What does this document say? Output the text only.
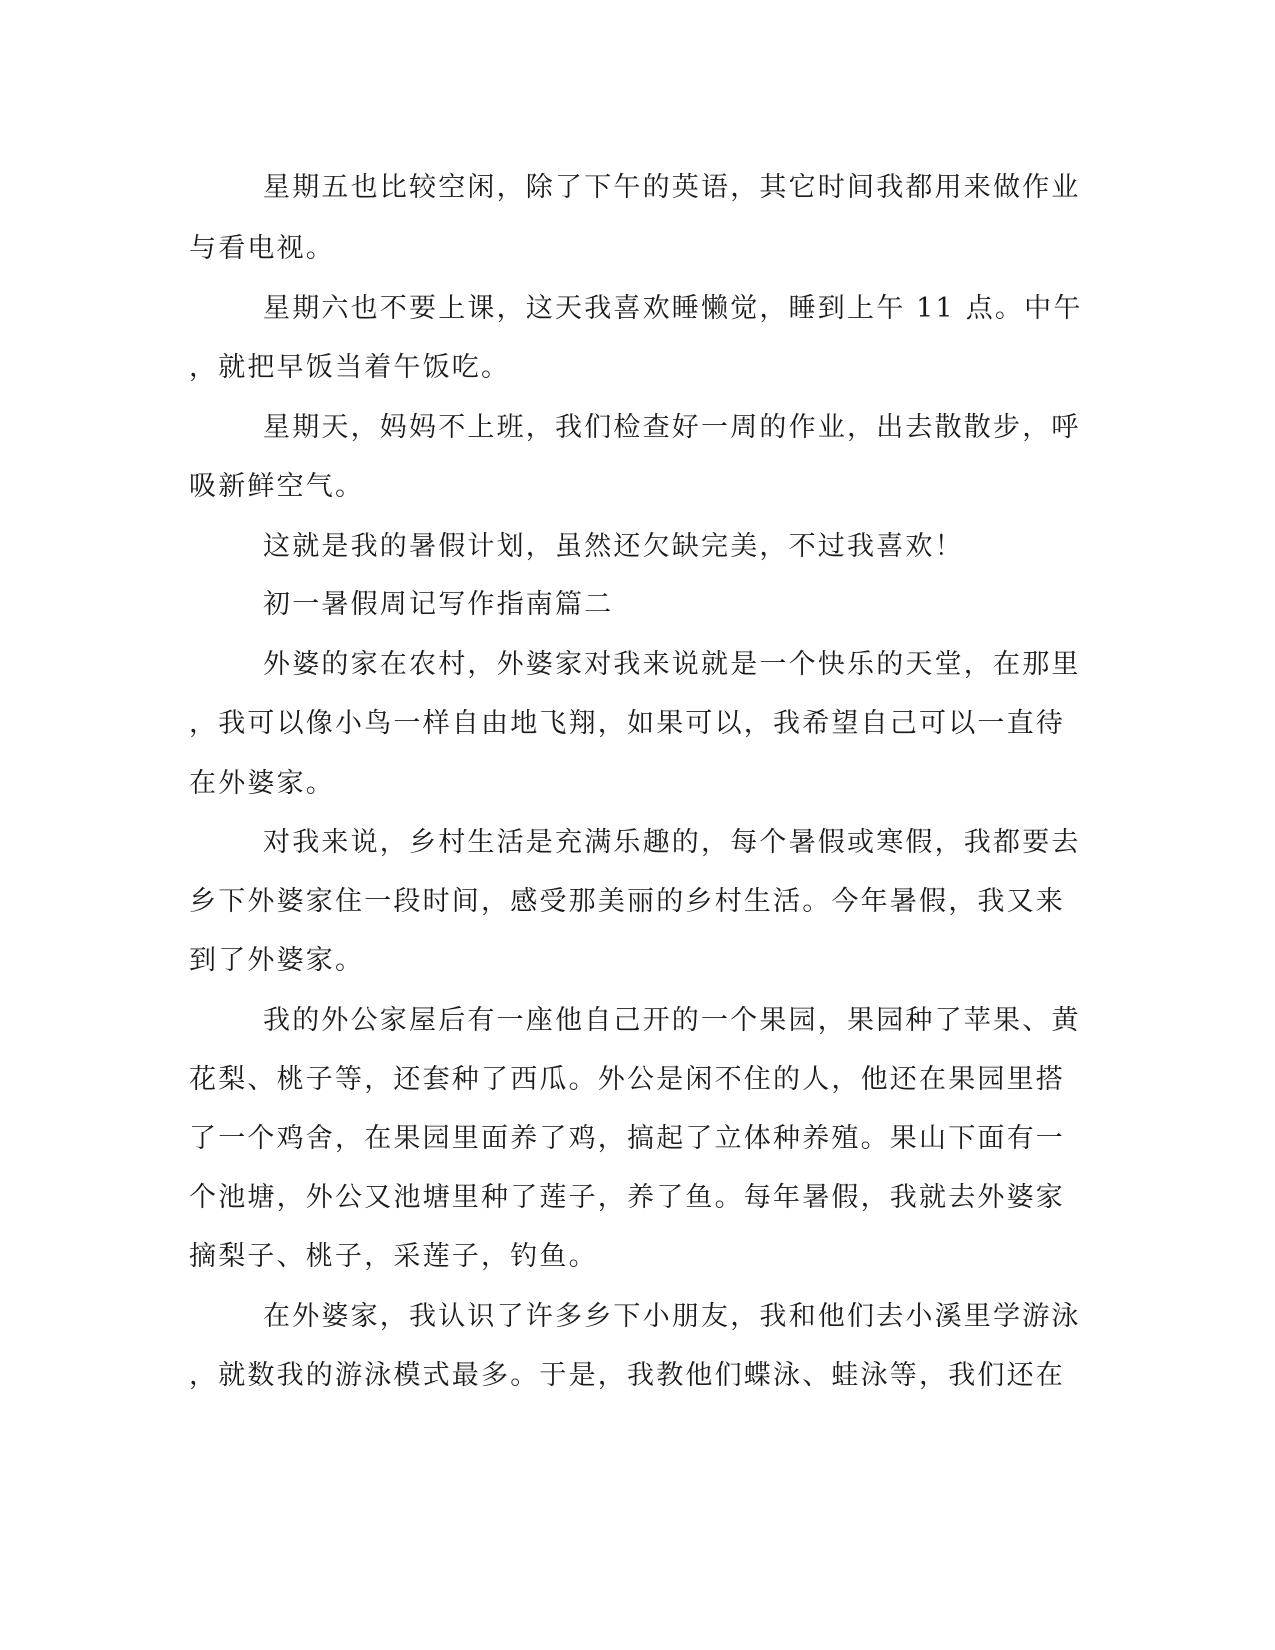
星期五也比较空闲，除了下午的英语，其它时间我都用来做作业
与看电视。
星期六也不要上课，这天我喜欢睡懒觉，睡到上午 11 点。中午
，就把早饭当着午饭吃。
星期天，妈妈不上班，我们检查好一周的作业，出去散散步，呼
吸新鲜空气。
这就是我的暑假计划，虽然还欠缺完美，不过我喜欢！
初一暑假周记写作指南篇二
外婆的家在农村，外婆家对我来说就是一个快乐的天堂，在那里
，我可以像小鸟一样自由地飞翔，如果可以，我希望自己可以一直待
在外婆家。
对我来说，乡村生活是充满乐趣的，每个暑假或寒假，我都要去
乡下外婆家住一段时间，感受那美丽的乡村生活。今年暑假，我又来
到了外婆家。
我的外公家屋后有一座他自己开的一个果园，果园种了苹果、黄
花梨、桃子等，还套种了西瓜。外公是闲不住的人，他还在果园里搭
了一个鸡舍，在果园里面养了鸡，搞起了立体种养殖。果山下面有一
个池塘，外公又池塘里种了莲子，养了鱼。每年暑假，我就去外婆家
摘梨子、桃子，采莲子，钓鱼。
在外婆家，我认识了许多乡下小朋友，我和他们去小溪里学游泳
，就数我的游泳模式最多。于是，我教他们蝶泳、蛙泳等，我们还在
